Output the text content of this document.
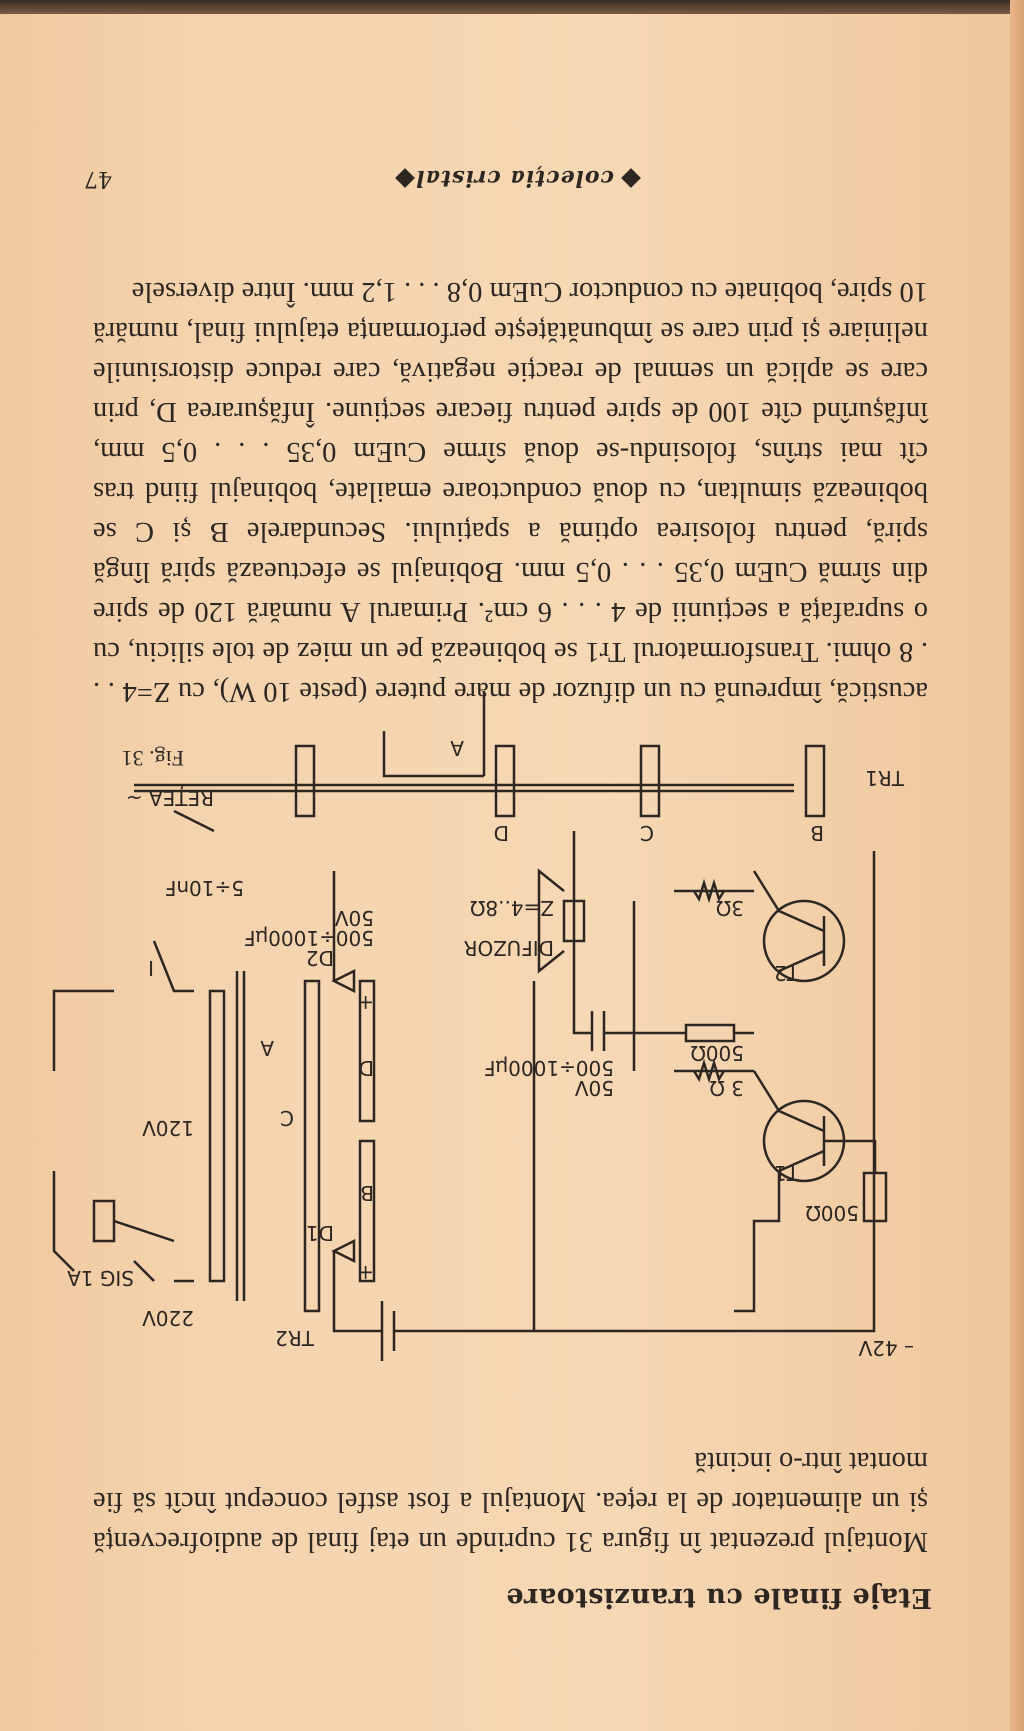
Etaje finale cu tranzistoare
Montajul prezentat în figura 31 cuprinde un etaj final de audiofrecvență și un alimentator de la rețea. Montajul a fost astfel conceput încît să fie montat într-o incintă
– 42V
500Ω
3 Ω
500Ω
3Ω
T1
T2
TR1
TR2
A
B
C
D
500÷1000µF
50V
DIFUZOR
Z=4..8Ω
D1
D2
+
+
B
D
C
A
500÷1000µF
50V
5÷10nF
220V
120V
SIG 1A
I
REȚEA ~
Fig. 31
acustică, împreună cu un difuzor de mare putere (peste 10 W), cu Z=4 . . . 8 ohmi. Transformatorul Tr1 se bobinează pe un miez de tole siliciu, cu o suprafață a secțiunii de 4 . . . 6 cm². Primarul A numără 120 de spire din sîrmă CuEm 0,35 . . . 0,5 mm. Bobinajul se efectuează spiră lîngă spiră, pentru folosirea optimă a spațiului. Secundarele B și C se bobinează simultan, cu două conductoare emailate, bobinajul fiind tras cît mai strîns, folosindu-se două sîrme CuEm 0,35 . . . 0,5 mm, înfășurînd cîte 100 de spire pentru fiecare secțiune. Înfășurarea D, prin care se aplică un semnal de reacție negativă, care reduce distorsiunile neliniare și prin care se îmbunătățește performanța etajului final, numără 10 spire, bobinate cu conductor CuEm 0,8 . . . 1,2 mm. Între diversele
colecția cristal
47
